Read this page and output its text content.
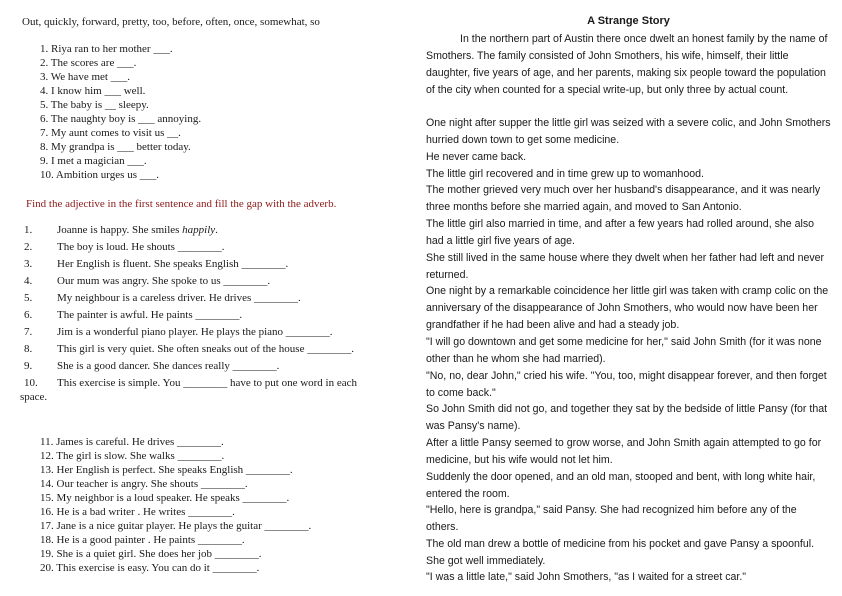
Out, quickly, forward, pretty, too, before, often, once, somewhat, so
1. Riya ran to her mother ___.
2. The scores are ___.
3. We have met ___.
4. I know him ___ well.
5. The baby is __ sleepy.
6. The naughty boy is ___ annoying.
7. My aunt comes to visit us __.
8. My grandpa is ___ better today.
9. I met a magician ___.
10. Ambition urges us ___.
Find the adjective in the first sentence and fill the gap with the adverb.
1. Joanne is happy. She smiles happily.
2. The boy is loud. He shouts ________.
3. Her English is fluent. She speaks English ________.
4. Our mum was angry. She spoke to us ________.
5. My neighbour is a careless driver. He drives ________.
6. The painter is awful. He paints ________.
7. Jim is a wonderful piano player. He plays the piano ________.
8. This girl is very quiet. She often sneaks out of the house ________.
9. She is a good dancer. She dances really ________.
10. This exercise is simple. You ________ have to put one word in each
space.
11. James is careful. He drives ________.
12. The girl is slow. She walks ________.
13. Her English is perfect. She speaks English ________.
14. Our teacher is angry. She shouts ________.
15. My neighbor is a loud speaker. He speaks ________.
16. He is a bad writer . He writes ________.
17. Jane is a nice guitar player. He plays the guitar ________.
18. He is a good painter . He paints ________.
19. She is a quiet girl. She does her job ________.
20. This exercise is easy. You can do it ________.
A Strange Story

In the northern part of Austin there once dwelt an honest family by the name of Smothers. The family consisted of John Smothers, his wife, himself, their little daughter, five years of age, and her parents, making six people toward the population of the city when counted for a special write-up, but only three by actual count.

One night after supper the little girl was seized with a severe colic, and John Smothers hurried down town to get some medicine.

He never came back.

The little girl recovered and in time grew up to womanhood.

The mother grieved very much over her husband's disappearance, and it was nearly three months before she married again, and moved to San Antonio.

The little girl also married in time, and after a few years had rolled around, she also had a little girl five years of age.

She still lived in the same house where they dwelt when her father had left and never returned.

One night by a remarkable coincidence her little girl was taken with cramp colic on the anniversary of the disappearance of John Smothers, who would now have been her grandfather if he had been alive and had a steady job.

"I will go downtown and get some medicine for her," said John Smith (for it was none other than he whom she had married).

"No, no, dear John," cried his wife. "You, too, might disappear forever, and then forget to come back."

So John Smith did not go, and together they sat by the bedside of little Pansy (for that was Pansy's name).

After a little Pansy seemed to grow worse, and John Smith again attempted to go for medicine, but his wife would not let him.

Suddenly the door opened, and an old man, stooped and bent, with long white hair, entered the room.

"Hello, here is grandpa," said Pansy. She had recognized him before any of the others.

The old man drew a bottle of medicine from his pocket and gave Pansy a spoonful. She got well immediately.

"I was a little late," said John Smothers, "as I waited for a street car."
